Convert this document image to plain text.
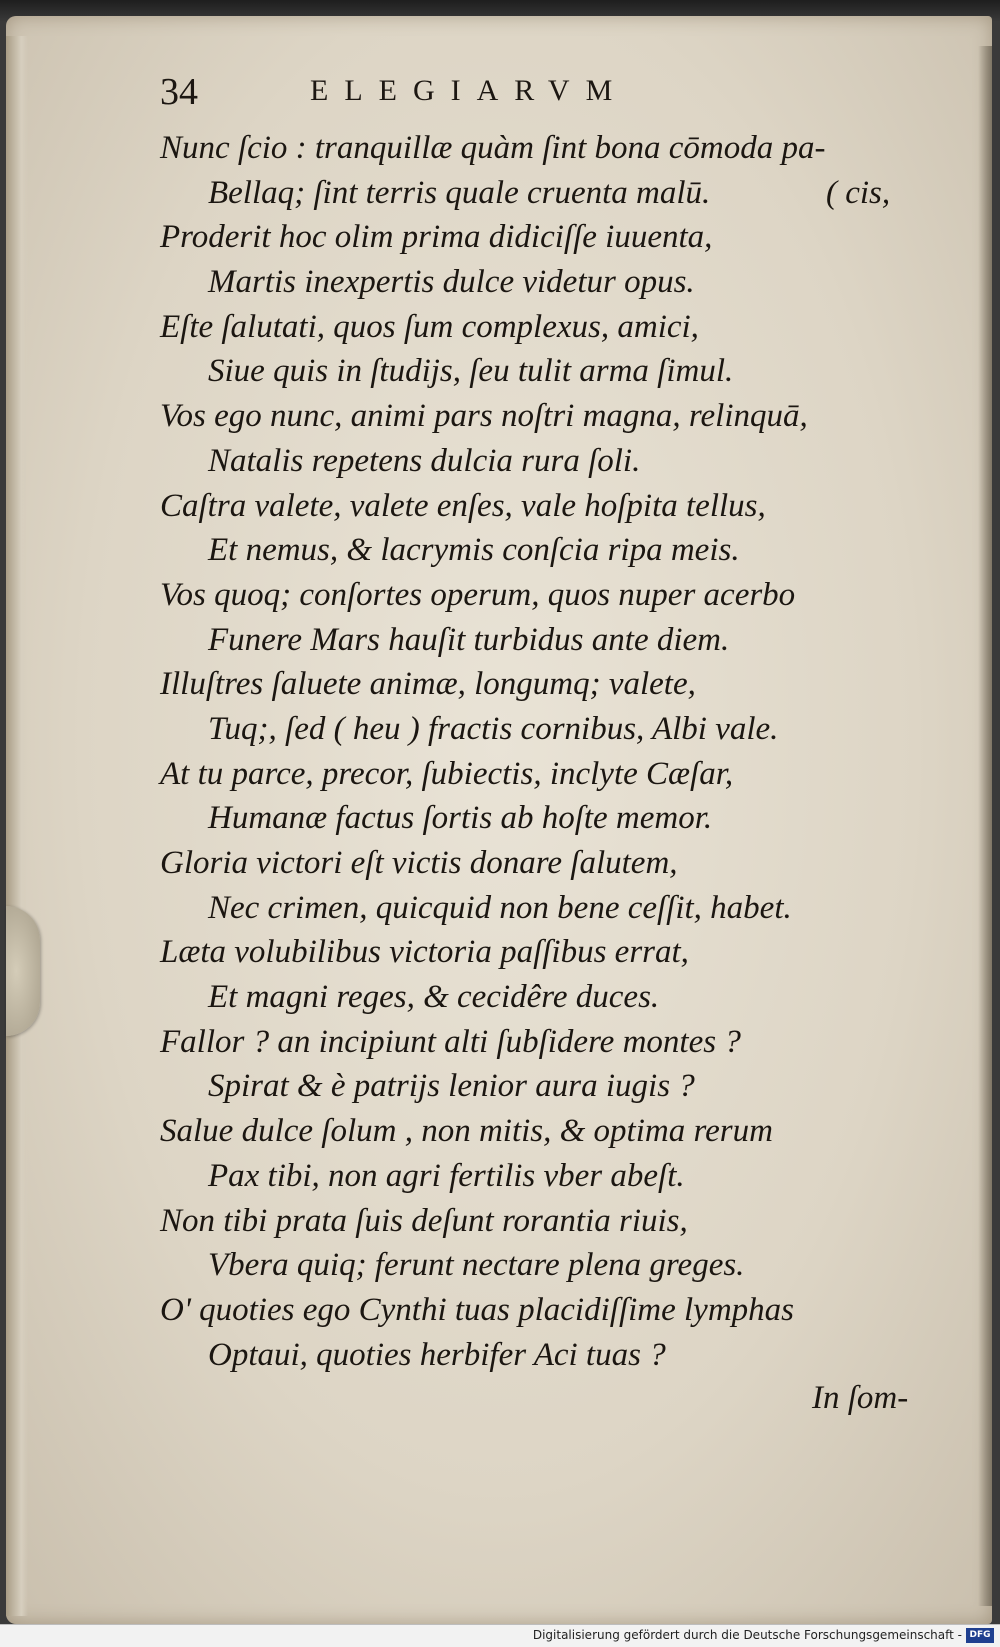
34	ELEGIARVM
Nunc ſcio : tranquillæ quàm ſint bona cōmoda pa-
Bellaq; ſint terris quale cruenta malū.	( cis,
Proderit hoc olim prima didiciſſe iuuenta,
Martis inexpertis dulce videtur opus.
Eſte ſalutati, quos ſum complexus, amici,
Siue quis in ſtudijs, ſeu tulit arma ſimul.
Vos ego nunc, animi pars noſtri magna, relinquā,
Natalis repetens dulcia rura ſoli.
Caſtra valete, valete enſes, vale hoſpita tellus,
Et nemus, & lacrymis conſcia ripa meis.
Vos quoq; conſortes operum, quos nuper acerbo
Funere Mars hauſit turbidus ante diem.
Illuſtres ſaluete animæ, longumq; valete,
Tuq;, ſed ( heu ) fractis cornibus, Albi vale.
At tu parce, precor, ſubiectis, inclyte Cæſar,
Humanæ factus ſortis ab hoſte memor.
Gloria victori eſt victis donare ſalutem,
Nec crimen, quicquid non bene ceſſit, habet.
Læta volubilibus victoria paſſibus errat,
Et magni reges, & cecidêre duces.
Fallor ? an incipiunt alti ſubſidere montes ?
Spirat & è patrijs lenior aura iugis ?
Salue dulce ſolum , non mitis, & optima rerum
Pax tibi, non agri fertilis vber abeſt.
Non tibi prata ſuis deſunt rorantia riuis,
Vbera quiq; ferunt nectare plena greges.
O' quoties ego Cynthi tuas placidiſſime lymphas
Optaui, quoties herbifer Aci tuas ?
In ſom-
Digitalisierung gefördert durch die Deutsche Forschungsgemeinschaft - DFG
